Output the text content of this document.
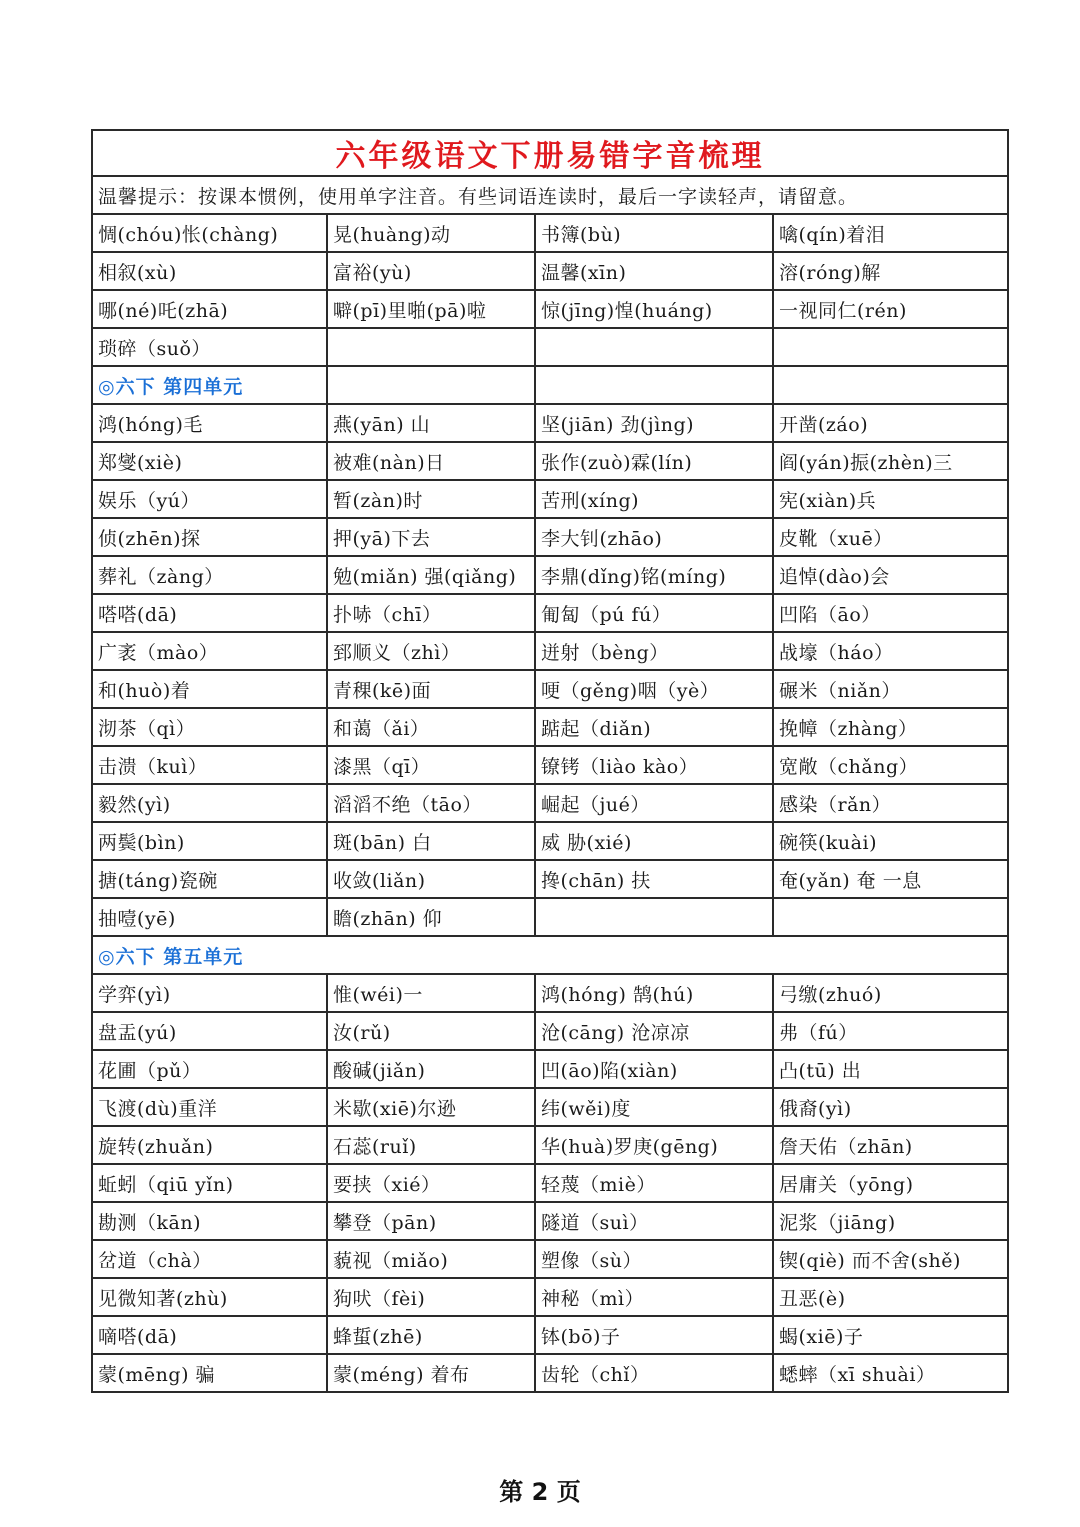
六年级语文下册易错字音梳理			
温馨提示：按课本惯例，使用单字注音。有些词语连读时，最后一字读轻声，请留意。			
惆(chóu)怅(chàng)	晃(huàng)动	书簿(bù)	噙(qín)着泪
相叙(xù)	富裕(yù)	温馨(xīn)	溶(róng)解
哪(né)吒(zhā)	噼(pī)里啪(pā)啦	惊(jīng)惶(huáng)	一视同仁(rén)
琐碎（suǒ）			
◎六下 第四单元			
鸿(hóng)毛	燕(yān) 山	坚(jiān) 劲(jìng)	开凿(záo)
郑燮(xiè)	被难(nàn)日	张作(zuò)霖(lín)	阎(yán)振(zhèn)三
娱乐（yú）	暂(zàn)时	苦刑(xíng)	宪(xiàn)兵
侦(zhēn)探	押(yā)下去	李大钊(zhāo)	皮靴（xuē）
葬礼（zàng）	勉(miǎn) 强(qiǎng)	李鼎(dǐng)铭(míng)	追悼(dào)会
嗒嗒(dā)	扑哧（chī）	匍匐（pú fú）	凹陷（āo）
广袤（mào）	郅顺义（zhì）	迸射（bèng）	战壕（háo）
和(huò)着	青稞(kē)面	哽（gěng)咽（yè）	碾米（niǎn）
沏茶（qì）	和蔼（ǎi）	踮起（diǎn)	挽幛（zhàng）
击溃（kuì）	漆黑（qī）	镣铐（liào kào）	宽敞（chǎng）
毅然(yì)	滔滔不绝（tāo）	崛起（jué）	感染（rǎn）
两鬓(bìn)	斑(bān) 白	威 胁(xié)	碗筷(kuài)
搪(táng)瓷碗	收敛(liǎn)	搀(chān) 扶	奄(yǎn) 奄 一息
抽噎(yē)	瞻(zhān) 仰		
◎六下 第五单元			
学弈(yì)	惟(wéi)一	鸿(hóng) 鹄(hú)	弓缴(zhuó)
盘盂(yú)	汝(rǔ)	沧(cāng) 沧凉凉	弗（fú）
花圃（pǔ）	酸碱(jiǎn)	凹(āo)陷(xiàn)	凸(tū) 出
飞渡(dù)重洋	米歇(xiē)尔逊	纬(wěi)度	俄裔(yì)
旋转(zhuǎn)	石蕊(ruǐ)	华(huà)罗庚(gēng)	詹天佑（zhān)
蚯蚓（qiū yǐn)	要挟（xié）	轻蔑（miè）	居庸关（yōng)
勘测（kān)	攀登（pān)	隧道（suì）	泥浆（jiāng)
岔道（chà）	藐视（miǎo)	塑像（sù）	锲(qiè) 而不舍(shě)
见微知著(zhù)	狗吠（fèi)	神秘（mì）	丑恶(è)
嘀嗒(dā)	蜂蜇(zhē)	钵(bō)子	蝎(xiē)子
蒙(mēng) 骗	蒙(méng) 着布	齿轮（chǐ）	蟋蟀（xī shuài）
第 2 页
